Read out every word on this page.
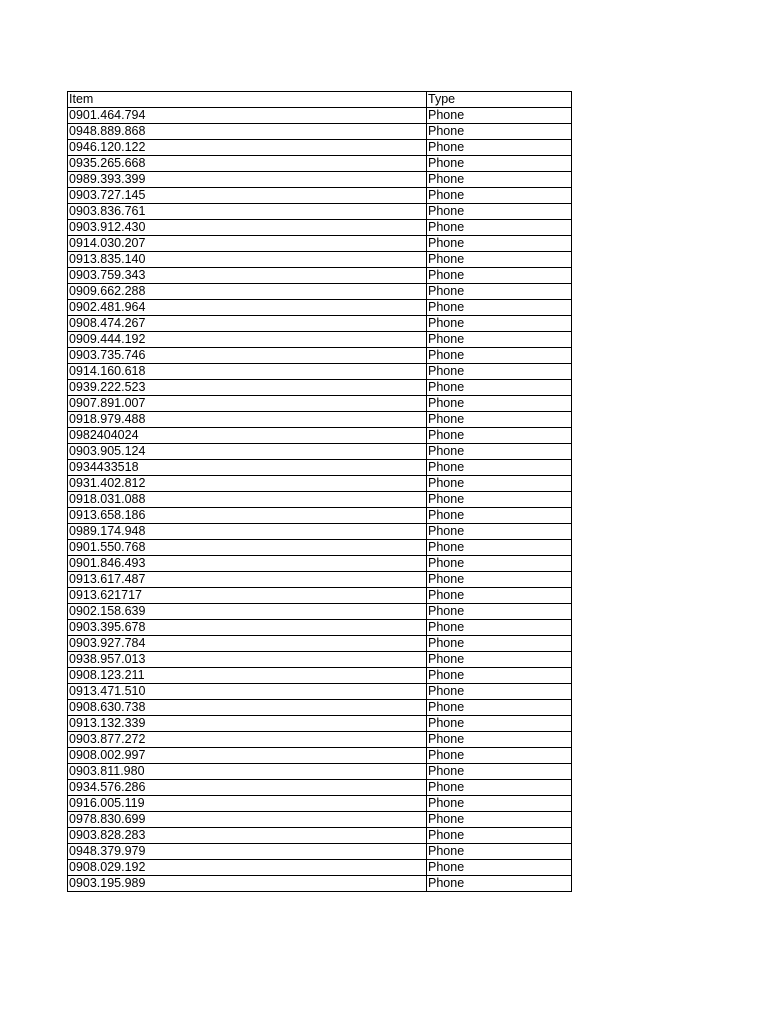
Item	Type
0901.464.794	Phone
0948.889.868	Phone
0946.120.122	Phone
0935.265.668	Phone
0989.393.399	Phone
0903.727.145	Phone
0903.836.761	Phone
0903.912.430	Phone
0914.030.207	Phone
0913.835.140	Phone
0903.759.343	Phone
0909.662.288	Phone
0902.481.964	Phone
0908.474.267	Phone
0909.444.192	Phone
0903.735.746	Phone
0914.160.618	Phone
0939.222.523	Phone
0907.891.007	Phone
0918.979.488	Phone
0982404024	Phone
0903.905.124	Phone
0934433518	Phone
0931.402.812	Phone
0918.031.088	Phone
0913.658.186	Phone
0989.174.948	Phone
0901.550.768	Phone
0901.846.493	Phone
0913.617.487	Phone
0913.621717	Phone
0902.158.639	Phone
0903.395.678	Phone
0903.927.784	Phone
0938.957.013	Phone
0908.123.211	Phone
0913.471.510	Phone
0908.630.738	Phone
0913.132.339	Phone
0903.877.272	Phone
0908.002.997	Phone
0903.811.980	Phone
0934.576.286	Phone
0916.005.119	Phone
0978.830.699	Phone
0903.828.283	Phone
0948.379.979	Phone
0908.029.192	Phone
0903.195.989	Phone
